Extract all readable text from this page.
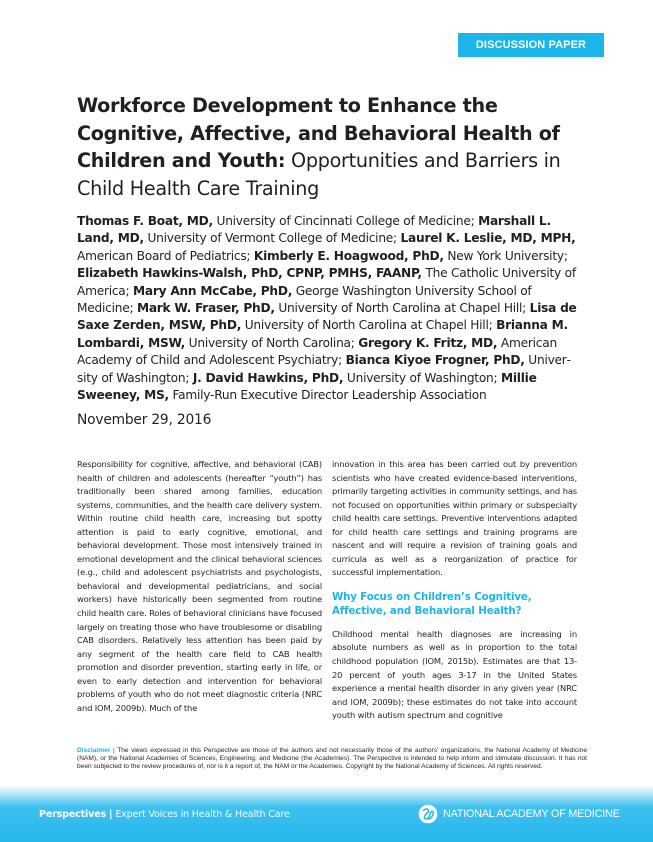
DISCUSSION PAPER
Workforce Development to Enhance the Cognitive, Affective, and Behavioral Health of Children and Youth: Opportunities and Barriers in Child Health Care Training
Thomas F. Boat, MD, University of Cincinnati College of Medicine; Marshall L. Land, MD, University of Vermont College of Medicine; Laurel K. Leslie, MD, MPH, American Board of Pediatrics; Kimberly E. Hoagwood, PhD, New York University; Elizabeth Hawkins-Walsh, PhD, CPNP, PMHS, FAANP, The Catholic University of America; Mary Ann McCabe, PhD, George Washington University School of Medicine; Mark W. Fraser, PhD, University of North Carolina at Chapel Hill; Lisa de Saxe Zerden, MSW, PhD, University of North Carolina at Chapel Hill; Brianna M. Lombardi, MSW, University of North Carolina; Gregory K. Fritz, MD, American Academy of Child and Adolescent Psychiatry; Bianca Kiyoe Frogner, PhD, University of Washington; J. David Hawkins, PhD, University of Washington; Millie Sweeney, MS, Family-Run Executive Director Leadership Association
November 29, 2016

Responsibility for cognitive, affective, and behavioral (CAB) health of children and adolescents (hereafter “youth”) has traditionally been shared among families, education systems, communities, and the health care delivery system. Within routine child health care, increasing but spotty attention is paid to early cognitive, emotional, and behavioral development. Those most intensively trained in emotional development and the clinical behavioral sciences (e.g., child and adolescent psychiatrists and psychologists, behavioral and developmental pediatricians, and social workers) have historically been segmented from routine child health care. Roles of behavioral clinicians have focused largely on treating those who have troublesome or disabling CAB disorders. Relatively less attention has been paid by any segment of the health care field to CAB health promotion and disorder prevention, starting early in life, or even to early detection and intervention for behavioral problems of youth who do not meet diagnostic criteria (NRC and IOM, 2009b). Much of the

innovation in this area has been carried out by prevention scientists who have created evidence-based interventions, primarily targeting activities in community settings, and has not focused on opportunities within primary or subspecialty child health care settings. Preventive interventions adapted for child health care settings and training programs are nascent and will require a revision of training goals and curricula as well as a reorganization of practice for successful implementation.

Why Focus on Children’s Cognitive, Affective, and Behavioral Health?

Childhood mental health diagnoses are increasing in absolute numbers as well as in proportion to the total childhood population (IOM, 2015b). Estimates are that 13-20 percent of youth ages 3-17 in the United States experience a mental health disorder in any given year (NRC and IOM, 2009b); these estimates do not take into account youth with autism spectrum and cognitive

Disclaimer | The views expressed in this Perspective are those of the authors and not necessarily those of the authors’ organizations, the National Academy of Medicine (NAM), or the National Academies of Sciences, Engineering, and Medicine (the Academies). The Perspective is intended to help inform and stimulate discussion. It has not been subjected to the review procedures of, nor is it a report of, the NAM or the Academies. Copyright by the National Academy of Sciences. All rights reserved.
Perspectives | Expert Voices in Health & Health Care	NATIONAL ACADEMY OF MEDICINE
